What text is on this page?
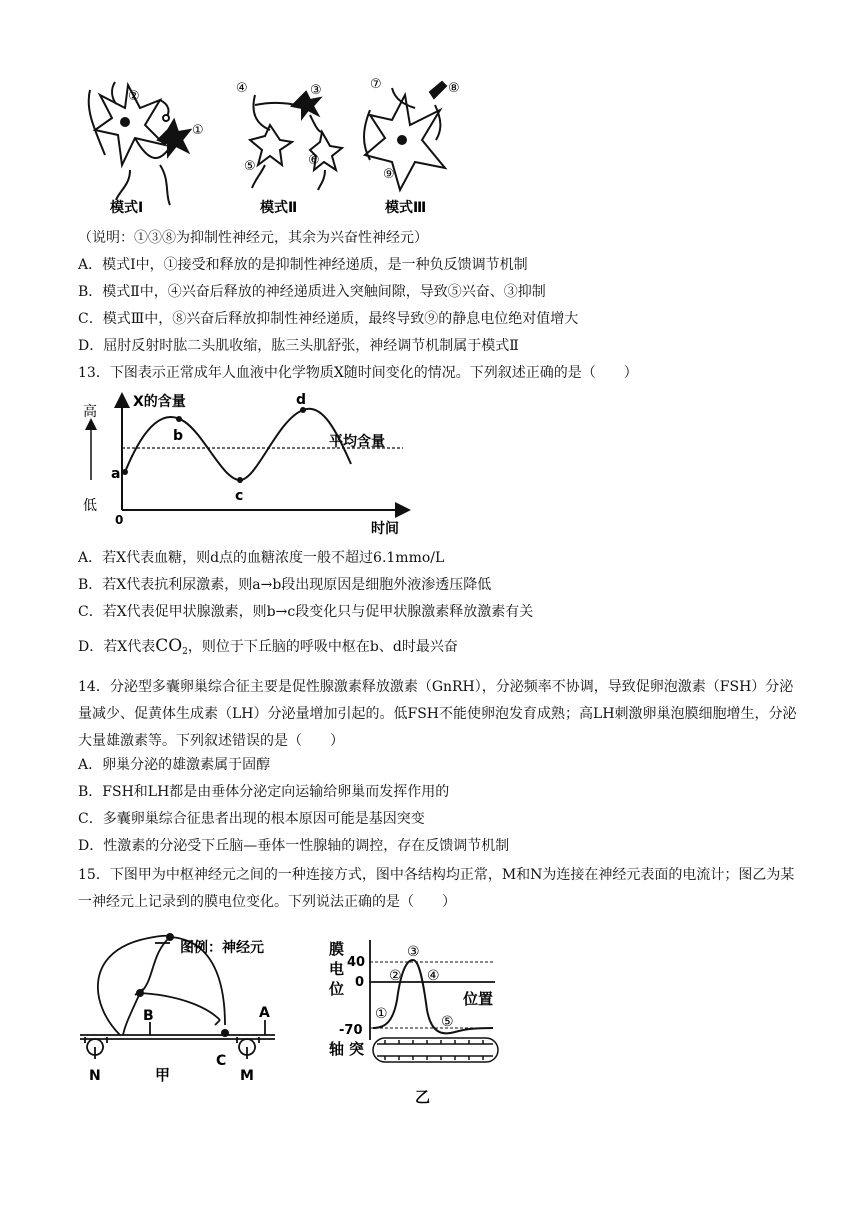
①
②
模式Ⅰ
④	③
⑤	⑥
模式Ⅱ
⑦	⑧
⑨
模式Ⅲ
（说明：①③⑧为抑制性神经元，其余为兴奋性神经元）
A．模式Ⅰ中，①接受和释放的是抑制性神经递质，是一种负反馈调节机制
B．模式Ⅱ中，④兴奋后释放的神经递质进入突触间隙，导致⑤兴奋、③抑制
C．模式Ⅲ中，⑧兴奋后释放抑制性神经递质，最终导致⑨的静息电位绝对值增大
D．屈肘反射时肱二头肌收缩，肱三头肌舒张，神经调节机制属于模式Ⅱ
13．下图表示正常成年人血液中化学物质X随时间变化的情况。下列叙述正确的是（　　）
高
低
X的含量
0
时间
平均含量
a
b
c
d
A．若X代表血糖，则d点的血糖浓度一般不超过6.1mmo/L
B．若X代表抗利尿激素，则a→b段出现原因是细胞外液渗透压降低
C．若X代表促甲状腺激素，则b→c段变化只与促甲状腺激素释放激素有关
D．若X代表$CO_2$，则位于下丘脑的呼吸中枢在b、d时最兴奋
14．分泌型多囊卵巢综合征主要是促性腺激素释放激素（GnRH），分泌频率不协调，导致促卵泡激素（FSH）分泌量减少、促黄体生成素（LH）分泌量增加引起的。低FSH不能使卵泡发育成熟；高LH刺激卵巢泡膜细胞增生，分泌大量雄激素等。下列叙述错误的是（　　）
A．卵巢分泌的雄激素属于固醇
B．FSH和LH都是由垂体分泌定向运输给卵巢而发挥作用的
C．多囊卵巢综合征患者出现的根本原因可能是基因突变
D．性激素的分泌受下丘脑—垂体一性腺轴的调控，存在反馈调节机制
15．下图甲为中枢神经元之间的一种连接方式，图中各结构均正常，M和N为连接在神经元表面的电流计；图乙为某一神经元上记录到的膜电位变化。下列说法正确的是（　　）
图例：神经元
B	A
C
N	M
甲
膜
电
位
40
0
-70
位置
③
② ④
①	⑤
轴 突
乙
